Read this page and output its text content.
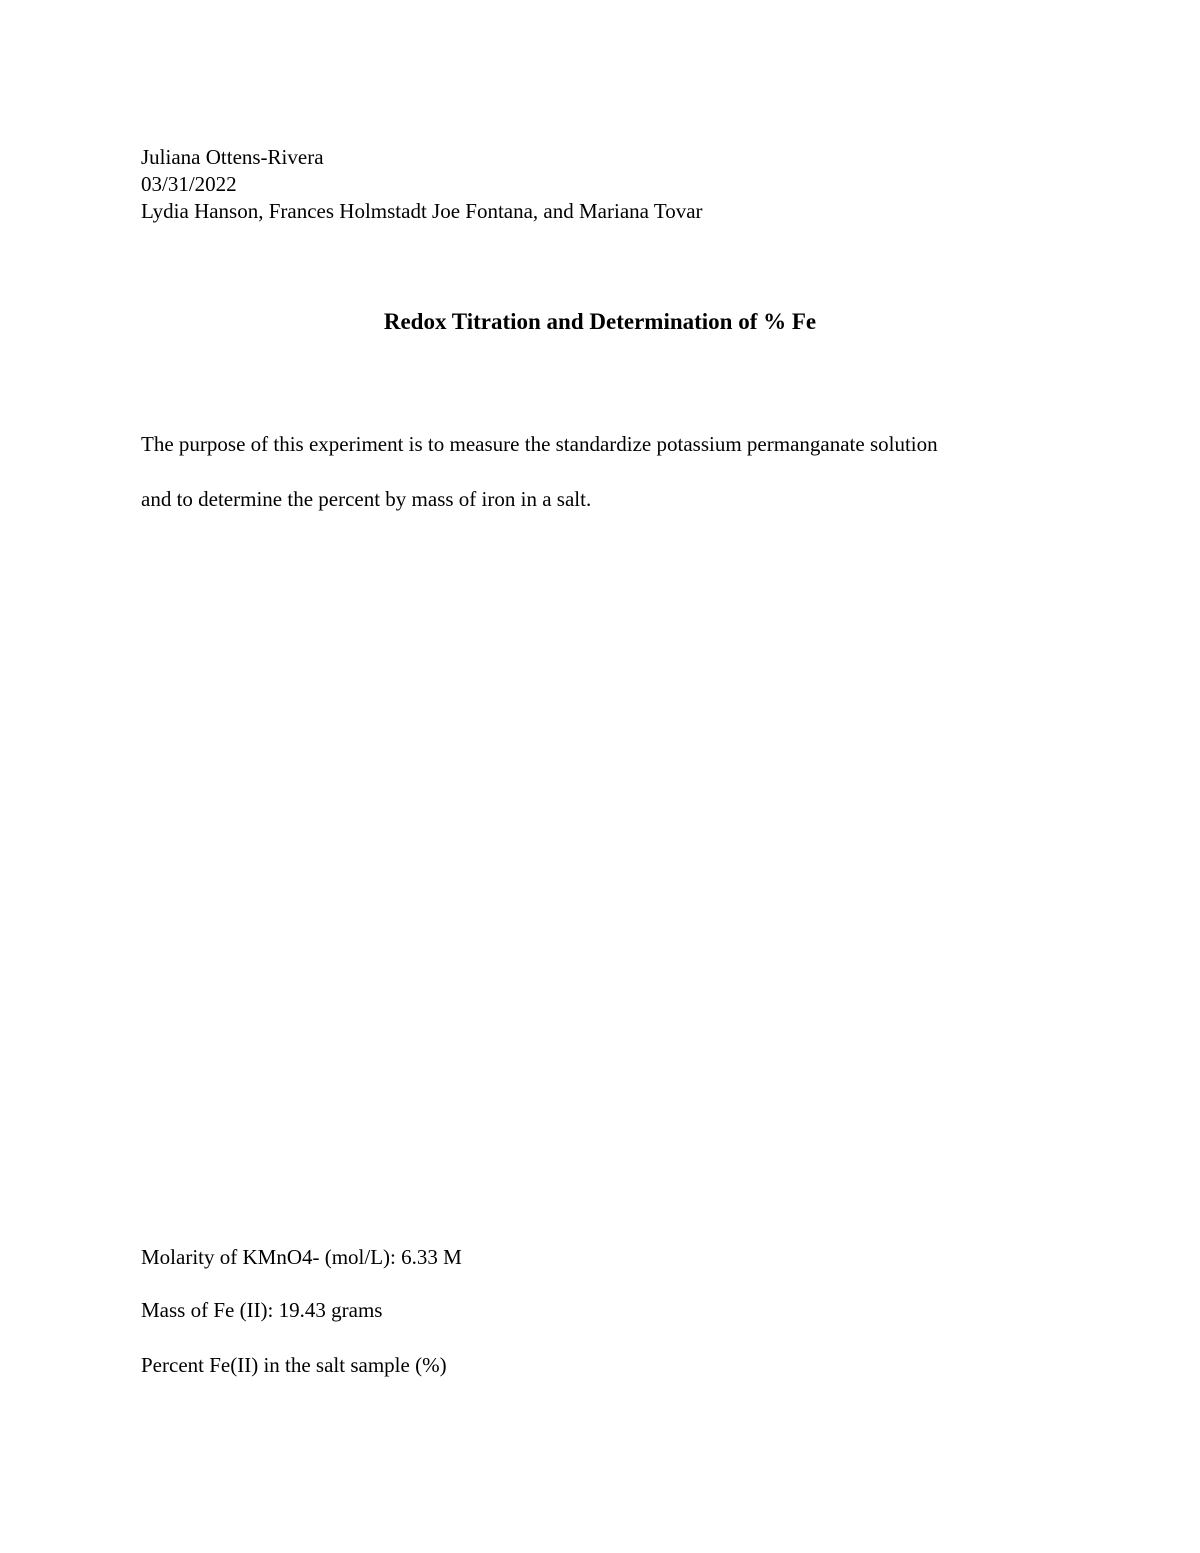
Juliana Ottens-Rivera
03/31/2022
Lydia Hanson, Frances Holmstadt Joe Fontana, and Mariana Tovar
Redox Titration and Determination of % Fe
The purpose of this experiment is to measure the standardize potassium permanganate solution
and to determine the percent by mass of iron in a salt.
Molarity of KMnO4- (mol/L): 6.33 M
Mass of Fe (II): 19.43 grams
Percent Fe(II) in the salt sample (%)
